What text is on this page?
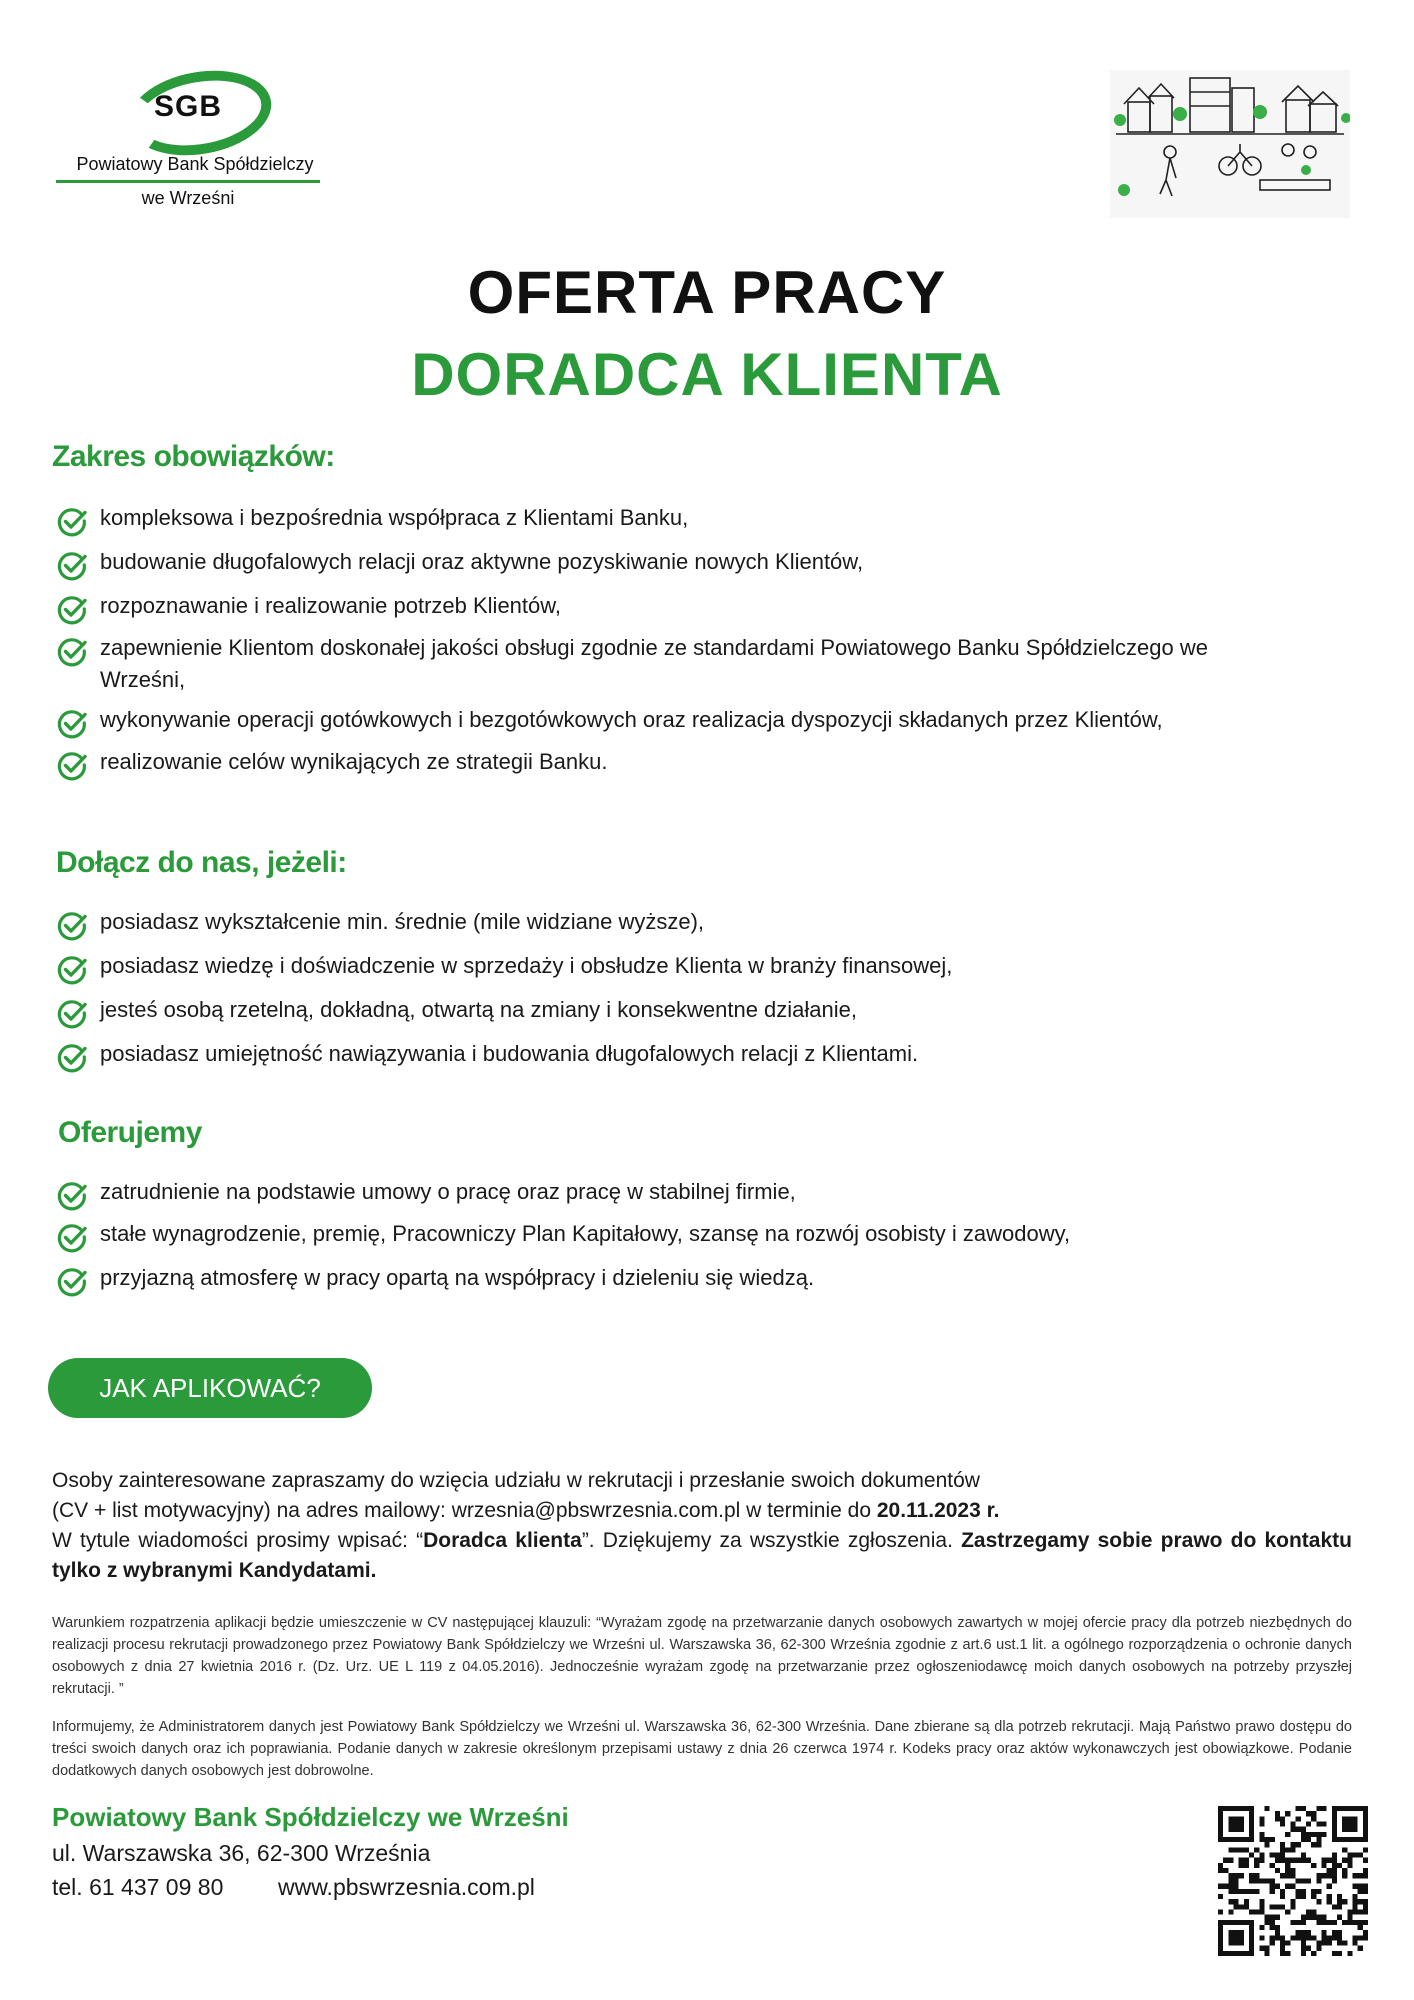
SGB
Powiatowy Bank Spółdzielczy
we Wrześni
OFERTA PRACY
DORADCA KLIENTA
Zakres obowiązków:
kompleksowa i bezpośrednia współpraca z Klientami Banku,
budowanie długofalowych relacji oraz aktywne pozyskiwanie nowych Klientów,
rozpoznawanie i realizowanie potrzeb Klientów,
zapewnienie Klientom doskonałej jakości obsługi zgodnie ze standardami Powiatowego Banku Spółdzielczego we Wrześni,
wykonywanie operacji gotówkowych i bezgotówkowych oraz realizacja dyspozycji składanych przez Klientów,
realizowanie celów wynikających ze strategii Banku.
Dołącz do nas, jeżeli:
posiadasz wykształcenie min. średnie (mile widziane wyższe),
posiadasz wiedzę i doświadczenie w sprzedaży i obsłudze Klienta w branży finansowej,
jesteś osobą rzetelną, dokładną, otwartą na zmiany i konsekwentne działanie,
posiadasz umiejętność nawiązywania i budowania długofalowych relacji z Klientami.
Oferujemy
zatrudnienie na podstawie umowy o pracę oraz pracę w stabilnej firmie,
stałe wynagrodzenie, premię, Pracowniczy Plan Kapitałowy, szansę na rozwój osobisty i zawodowy,
przyjazną atmosferę w pracy opartą na współpracy i dzieleniu się wiedzą.
JAK APLIKOWAĆ?
Osoby zainteresowane zapraszamy do wzięcia udziału w rekrutacji i przesłanie swoich dokumentów
(CV + list motywacyjny) na adres mailowy: wrzesnia@pbswrzesnia.com.pl w terminie do 20.11.2023 r.
W tytule wiadomości prosimy wpisać: “Doradca klienta”. Dziękujemy za wszystkie zgłoszenia. Zastrzegamy sobie prawo do kontaktu tylko z wybranymi Kandydatami.
Warunkiem rozpatrzenia aplikacji będzie umieszczenie w CV następującej klauzuli: “Wyrażam zgodę na przetwarzanie danych osobowych zawartych w mojej ofercie pracy dla potrzeb niezbędnych do realizacji procesu rekrutacji prowadzonego przez Powiatowy Bank Spółdzielczy we Wrześni ul. Warszawska 36, 62-300 Września zgodnie z art.6 ust.1 lit. a ogólnego rozporządzenia o ochronie danych osobowych z dnia 27 kwietnia 2016 r. (Dz. Urz. UE L 119 z 04.05.2016). Jednocześnie wyrażam zgodę na przetwarzanie przez ogłoszeniodawcę moich danych osobowych na potrzeby przyszłej rekrutacji. ”
Informujemy, że Administratorem danych jest Powiatowy Bank Spółdzielczy we Wrześni ul. Warszawska 36, 62-300 Września. Dane zbierane są dla potrzeb rekrutacji. Mają Państwo prawo dostępu do treści swoich danych oraz ich poprawiania. Podanie danych w zakresie określonym przepisami ustawy z dnia 26 czerwca 1974 r. Kodeks pracy oraz aktów wykonawczych jest obowiązkowe. Podanie dodatkowych danych osobowych jest dobrowolne.
Powiatowy Bank Spółdzielczy we Wrześni
ul. Warszawska 36, 62-300 Września
tel. 61 437 09 80 www.pbswrzesnia.com.pl
